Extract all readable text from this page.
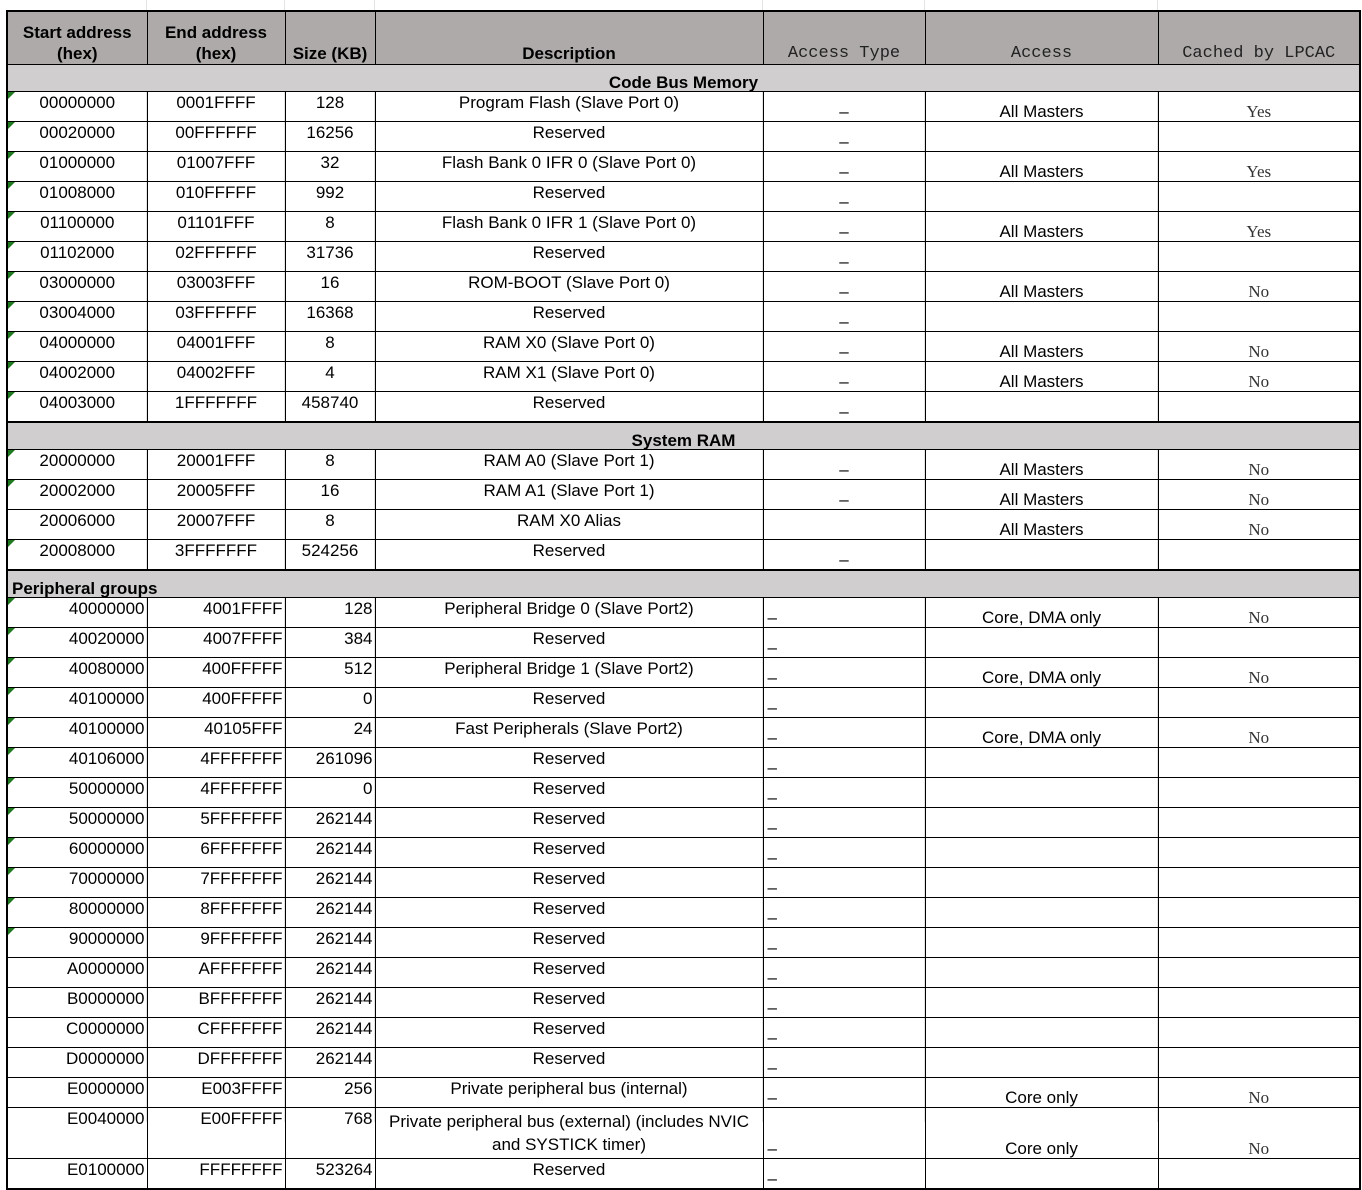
Start address (hex)	End address (hex)	Size (KB)	Description	Access Type	Access	Cached by LPCAC
Code Bus Memory						
00000000	0001FFFF	128	Program Flash (Slave Port 0)	–	All Masters	Yes
00020000	00FFFFFF	16256	Reserved	–		
01000000	01007FFF	32	Flash Bank 0 IFR 0 (Slave Port 0)	–	All Masters	Yes
01008000	010FFFFF	992	Reserved	–		
01100000	01101FFF	8	Flash Bank 0 IFR 1 (Slave Port 0)	–	All Masters	Yes
01102000	02FFFFFF	31736	Reserved	–		
03000000	03003FFF	16	ROM-BOOT (Slave Port 0)	–	All Masters	No
03004000	03FFFFFF	16368	Reserved	–		
04000000	04001FFF	8	RAM X0 (Slave Port 0)	–	All Masters	No
04002000	04002FFF	4	RAM X1 (Slave Port 0)	–	All Masters	No
04003000	1FFFFFFF	458740	Reserved	–		
System RAM						
20000000	20001FFF	8	RAM A0 (Slave Port 1)	–	All Masters	No
20002000	20005FFF	16	RAM A1 (Slave Port 1)	–	All Masters	No
20006000	20007FFF	8	RAM X0 Alias		All Masters	No
20008000	3FFFFFFF	524256	Reserved	–		
Peripheral groups						
40000000	4001FFFF	128	Peripheral Bridge 0 (Slave Port2)	–	Core, DMA only	No
40020000	4007FFFF	384	Reserved	–		
40080000	400FFFFF	512	Peripheral Bridge 1 (Slave Port2)	–	Core, DMA only	No
40100000	400FFFFF	0	Reserved	–		
40100000	40105FFF	24	Fast Peripherals (Slave Port2)	–	Core, DMA only	No
40106000	4FFFFFFF	261096	Reserved	–		
50000000	4FFFFFFF	0	Reserved	–		
50000000	5FFFFFFF	262144	Reserved	–		
60000000	6FFFFFFF	262144	Reserved	–		
70000000	7FFFFFFF	262144	Reserved	–		
80000000	8FFFFFFF	262144	Reserved	–		
90000000	9FFFFFFF	262144	Reserved	–		
A0000000	AFFFFFFF	262144	Reserved	–		
B0000000	BFFFFFFF	262144	Reserved	–		
C0000000	CFFFFFFF	262144	Reserved	–		
D0000000	DFFFFFFF	262144	Reserved	–		
E0000000	E003FFFF	256	Private peripheral bus (internal)	–	Core only	No
E0040000	E00FFFFF	768	Private peripheral bus (external) (includes NVIC and SYSTICK timer)	–	Core only	No
E0100000	FFFFFFFF	523264	Reserved	–		
